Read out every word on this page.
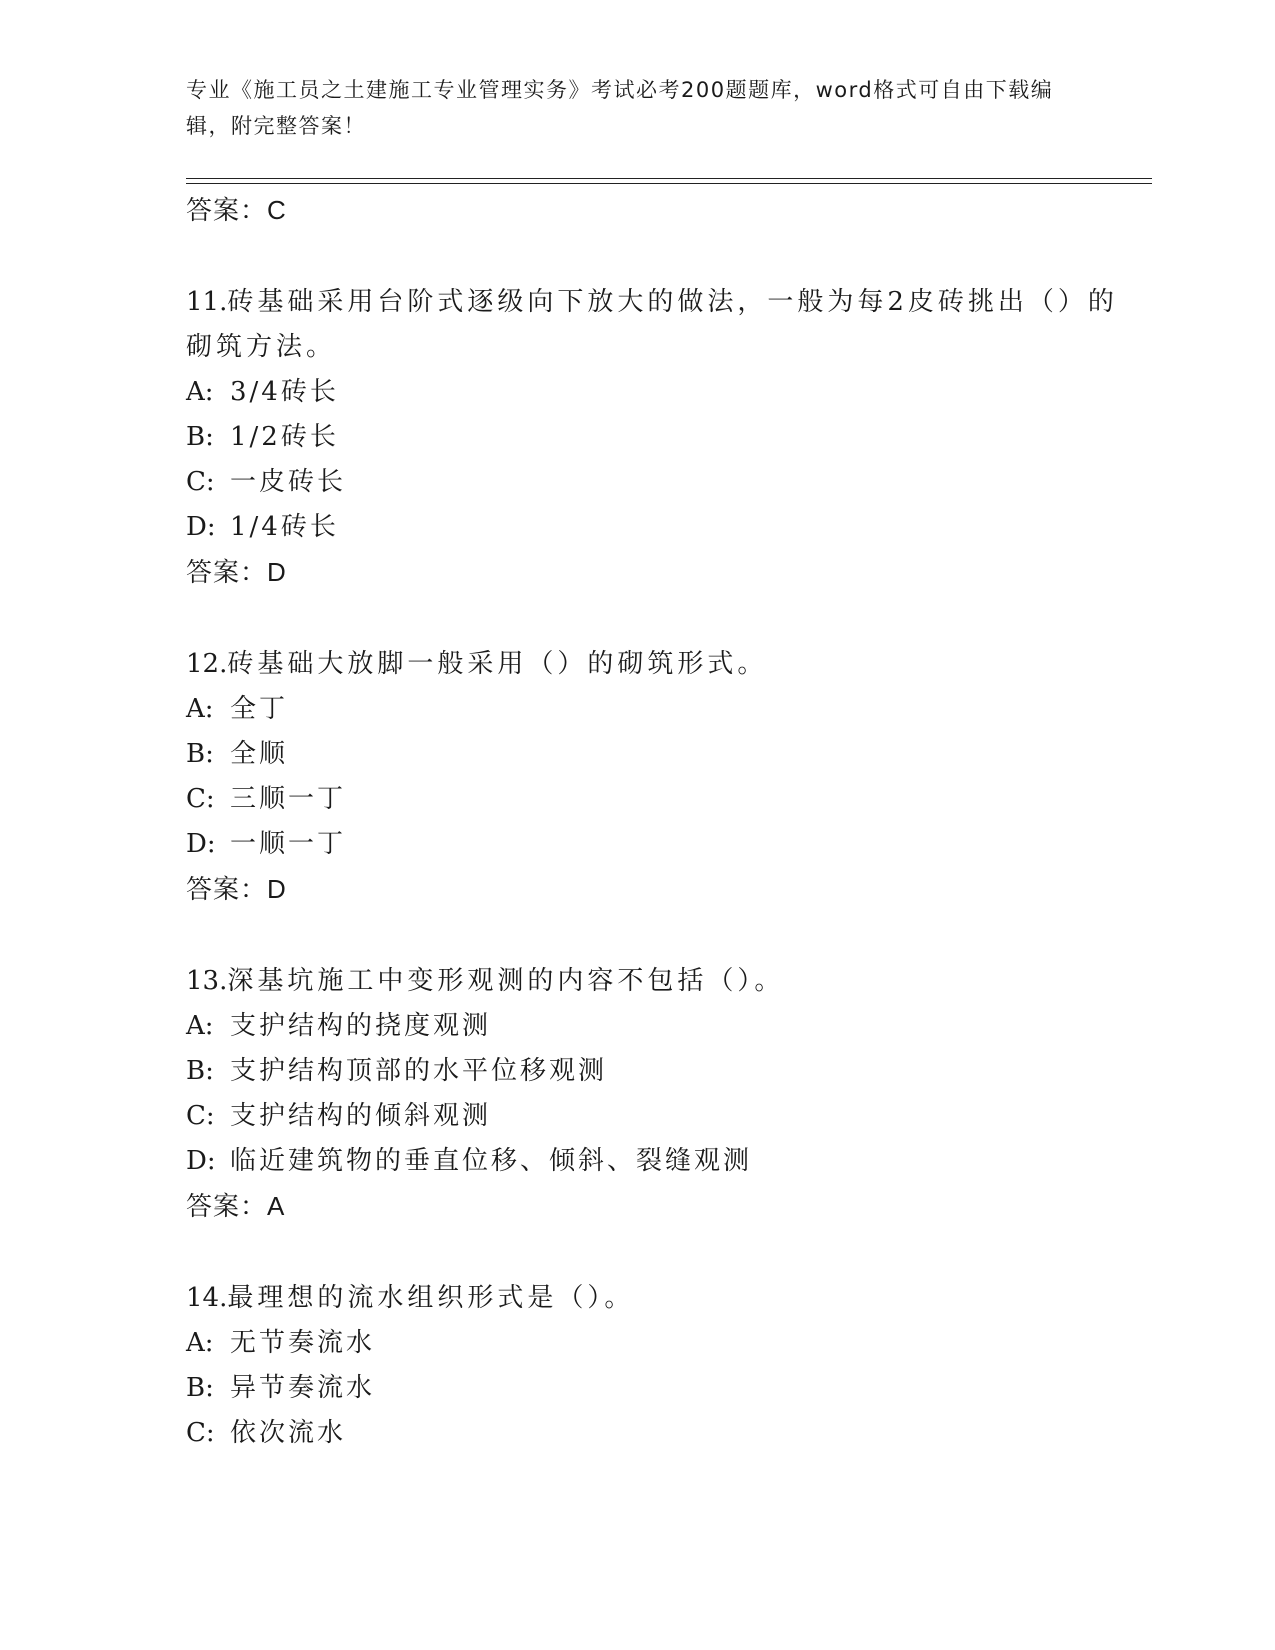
专业《施工员之土建施工专业管理实务》考试必考200题题库，word格式可自由下载编辑，附完整答案！
答案：C
11.砖基础采用台阶式逐级向下放大的做法，一般为每2皮砖挑出（）的砌筑方法。
A: 3/4砖长
B: 1/2砖长
C: 一皮砖长
D: 1/4砖长
答案：D
12.砖基础大放脚一般采用（）的砌筑形式。
A: 全丁
B: 全顺
C: 三顺一丁
D: 一顺一丁
答案：D
13.深基坑施工中变形观测的内容不包括（）。
A: 支护结构的挠度观测
B: 支护结构顶部的水平位移观测
C: 支护结构的倾斜观测
D: 临近建筑物的垂直位移、倾斜、裂缝观测
答案：A
14.最理想的流水组织形式是（）。
A: 无节奏流水
B: 异节奏流水
C: 依次流水
